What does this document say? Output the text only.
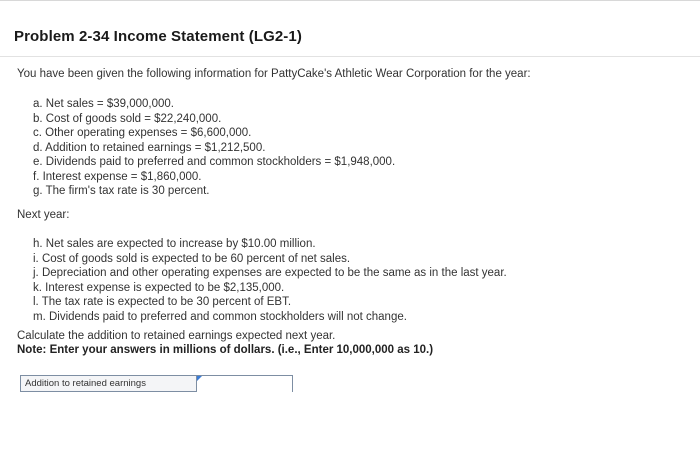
Problem 2-34 Income Statement (LG2-1)
You have been given the following information for PattyCake's Athletic Wear Corporation for the year:
a. Net sales = $39,000,000.
b. Cost of goods sold = $22,240,000.
c. Other operating expenses = $6,600,000.
d. Addition to retained earnings = $1,212,500.
e. Dividends paid to preferred and common stockholders = $1,948,000.
f. Interest expense = $1,860,000.
g. The firm's tax rate is 30 percent.
Next year:
h. Net sales are expected to increase by $10.00 million.
i. Cost of goods sold is expected to be 60 percent of net sales.
j. Depreciation and other operating expenses are expected to be the same as in the last year.
k. Interest expense is expected to be $2,135,000.
l. The tax rate is expected to be 30 percent of EBT.
m. Dividends paid to preferred and common stockholders will not change.
Calculate the addition to retained earnings expected next year.
Note: Enter your answers in millions of dollars. (i.e., Enter 10,000,000 as 10.)
Addition to retained earnings
